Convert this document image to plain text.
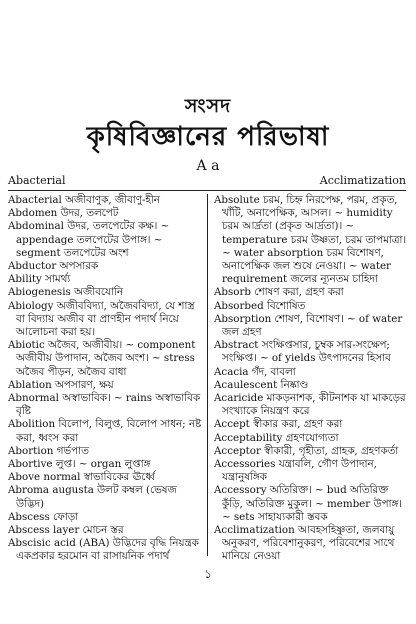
সংসদ
কৃষিবিজ্ঞানের পরিভাষা
A a
Abacterial	Acclimatization

Abacterial অজীবাণুক, জীবাণু-হীন

Abdomen উদর, তলপেট

Abdominal উদর, তলপেটের কক্ষ। ~ appendage তলপেটের উপাঙ্গ। ~ segment তলপেটের অংশ

Abductor অপসারক

Ability সামর্থ্য

Abiogenesis অজীবযোনি

Abiology অজীববিদ্যা, অজৈববিদ্যা, যে শাস্ত্র বা বিদ্যায় অজীব বা প্রাণহীন পদার্থ নিয়ে আলোচনা করা হয়।

Abiotic অজৈব, অজীবীয়। ~ component অজীবীয় উপাদান, অজৈব অংশ। ~ stress অজৈব পীড়ন, অজৈব বাধা

Ablation অপসারণ, ক্ষয়

Abnormal অস্বাভাবিক। ~ rains অস্বাভাবিক বৃষ্টি

Abolition বিলোপ, বিলুপ্ত, বিলোপ সাধন; নষ্ট করা, ধ্বংস করা

Abortion গর্ভপাত

Abortive লুপ্ত। ~ organ লুপ্তাঙ্গ

Above normal স্বাভাবিকের ঊর্ধ্বে

Abroma augusta উলট কম্বল (ভেষজ উদ্ভিদ)

Abscess ফোড়া

Abscess layer মোচন স্তর

Abscisic acid (ABA) উদ্ভিদের বৃদ্ধি নিয়ন্ত্রক একপ্রকার হরমোন বা রাসায়নিক পদার্থ

Absolute চরম, চিহ্ন নিরপেক্ষ, পরম, প্রকৃত, খাঁটি, অনাপেক্ষিক, আসল। ~ humidity চরম আর্দ্রতা (প্রকৃত আর্দ্রতা)। ~ temperature চরম উষ্ণতা, চরম তাপমাত্রা। ~ water absorption চরম বিশোষণ, অনাপেক্ষিক জল শুষে নেওয়া। ~ water requirement জলের ন্যূনতম চাহিদা

Absorb শোষণ করা, গ্রহণ করা

Absorbed বিশোষিত

Absorption শোষণ, বিশোষণ। ~ of water জল গ্রহণ

Abstract সংক্ষিপ্তসার, চুম্বক সার-সংক্ষেপ; সংক্ষিপ্ত। ~ of yields উৎপাদনের হিসাব

Acacia গঁদ, বাবলা

Acaulescent নিষ্কাণ্ড

Acaricide মাকড়নাশক, কীটনাশক যা মাকড়ের সংখ্যাকে নিয়ন্ত্রণ করে

Accept স্বীকার করা, গ্রহণ করা

Acceptability গ্রহণযোগ্যতা

Acceptor স্বীকারী, গৃহীতা, গ্রাহক, গ্রহণকর্তা

Accessories যন্ত্রাবলি, গৌণ উপাদান, যন্ত্রানুষঙ্গিক

Accessory অতিরিক্ত। ~ bud অতিরিক্ত কুঁড়ি, অতিরিক্ত মুকুল। ~ member উপাঙ্গ। ~ sets সাহায্যকারী স্তবক

Acclimatization আবহসহিষ্ণুতা, জলবায়ু অনুকরণ, পরিবেশানুকরণ, পরিবেশের সাথে মানিয়ে নেওয়া

১
